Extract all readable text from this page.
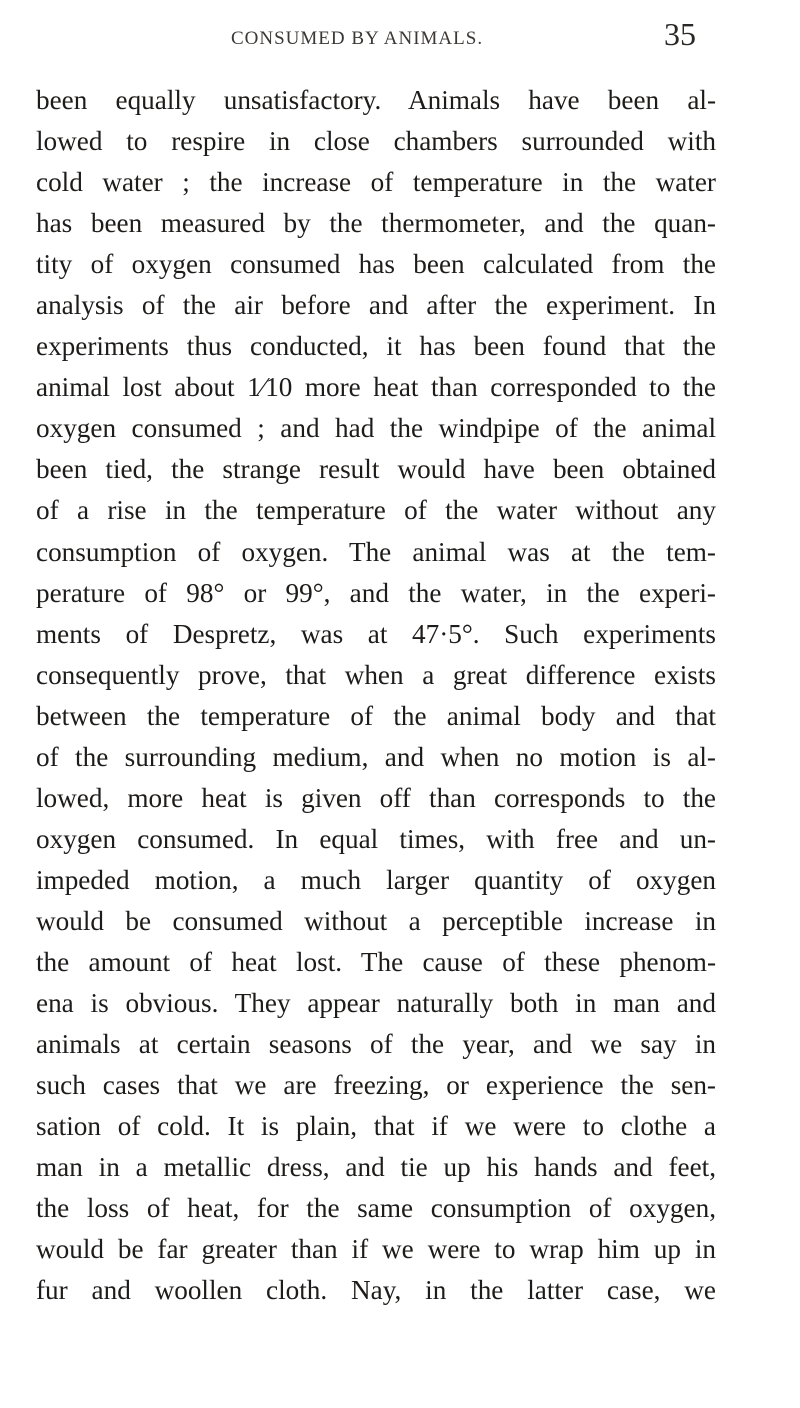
CONSUMED BY ANIMALS.	35
been equally unsatisfactory. Animals have been al-
lowed to respire in close chambers surrounded with
cold water ; the increase of temperature in the water
has been measured by the thermometer, and the quan-
tity of oxygen consumed has been calculated from the
analysis of the air before and after the experiment. In
experiments thus conducted, it has been found that the
animal lost about 1⁄10 more heat than corresponded to the
oxygen consumed ; and had the windpipe of the animal
been tied, the strange result would have been obtained
of a rise in the temperature of the water without any
consumption of oxygen. The animal was at the tem-
perature of 98° or 99°, and the water, in the experi-
ments of Despretz, was at 47·5°. Such experiments
consequently prove, that when a great difference exists
between the temperature of the animal body and that
of the surrounding medium, and when no motion is al-
lowed, more heat is given off than corresponds to the
oxygen consumed. In equal times, with free and un-
impeded motion, a much larger quantity of oxygen
would be consumed without a perceptible increase in
the amount of heat lost. The cause of these phenom-
ena is obvious. They appear naturally both in man and
animals at certain seasons of the year, and we say in
such cases that we are freezing, or experience the sen-
sation of cold. It is plain, that if we were to clothe a
man in a metallic dress, and tie up his hands and feet,
the loss of heat, for the same consumption of oxygen,
would be far greater than if we were to wrap him up in
fur and woollen cloth. Nay, in the latter case, we
